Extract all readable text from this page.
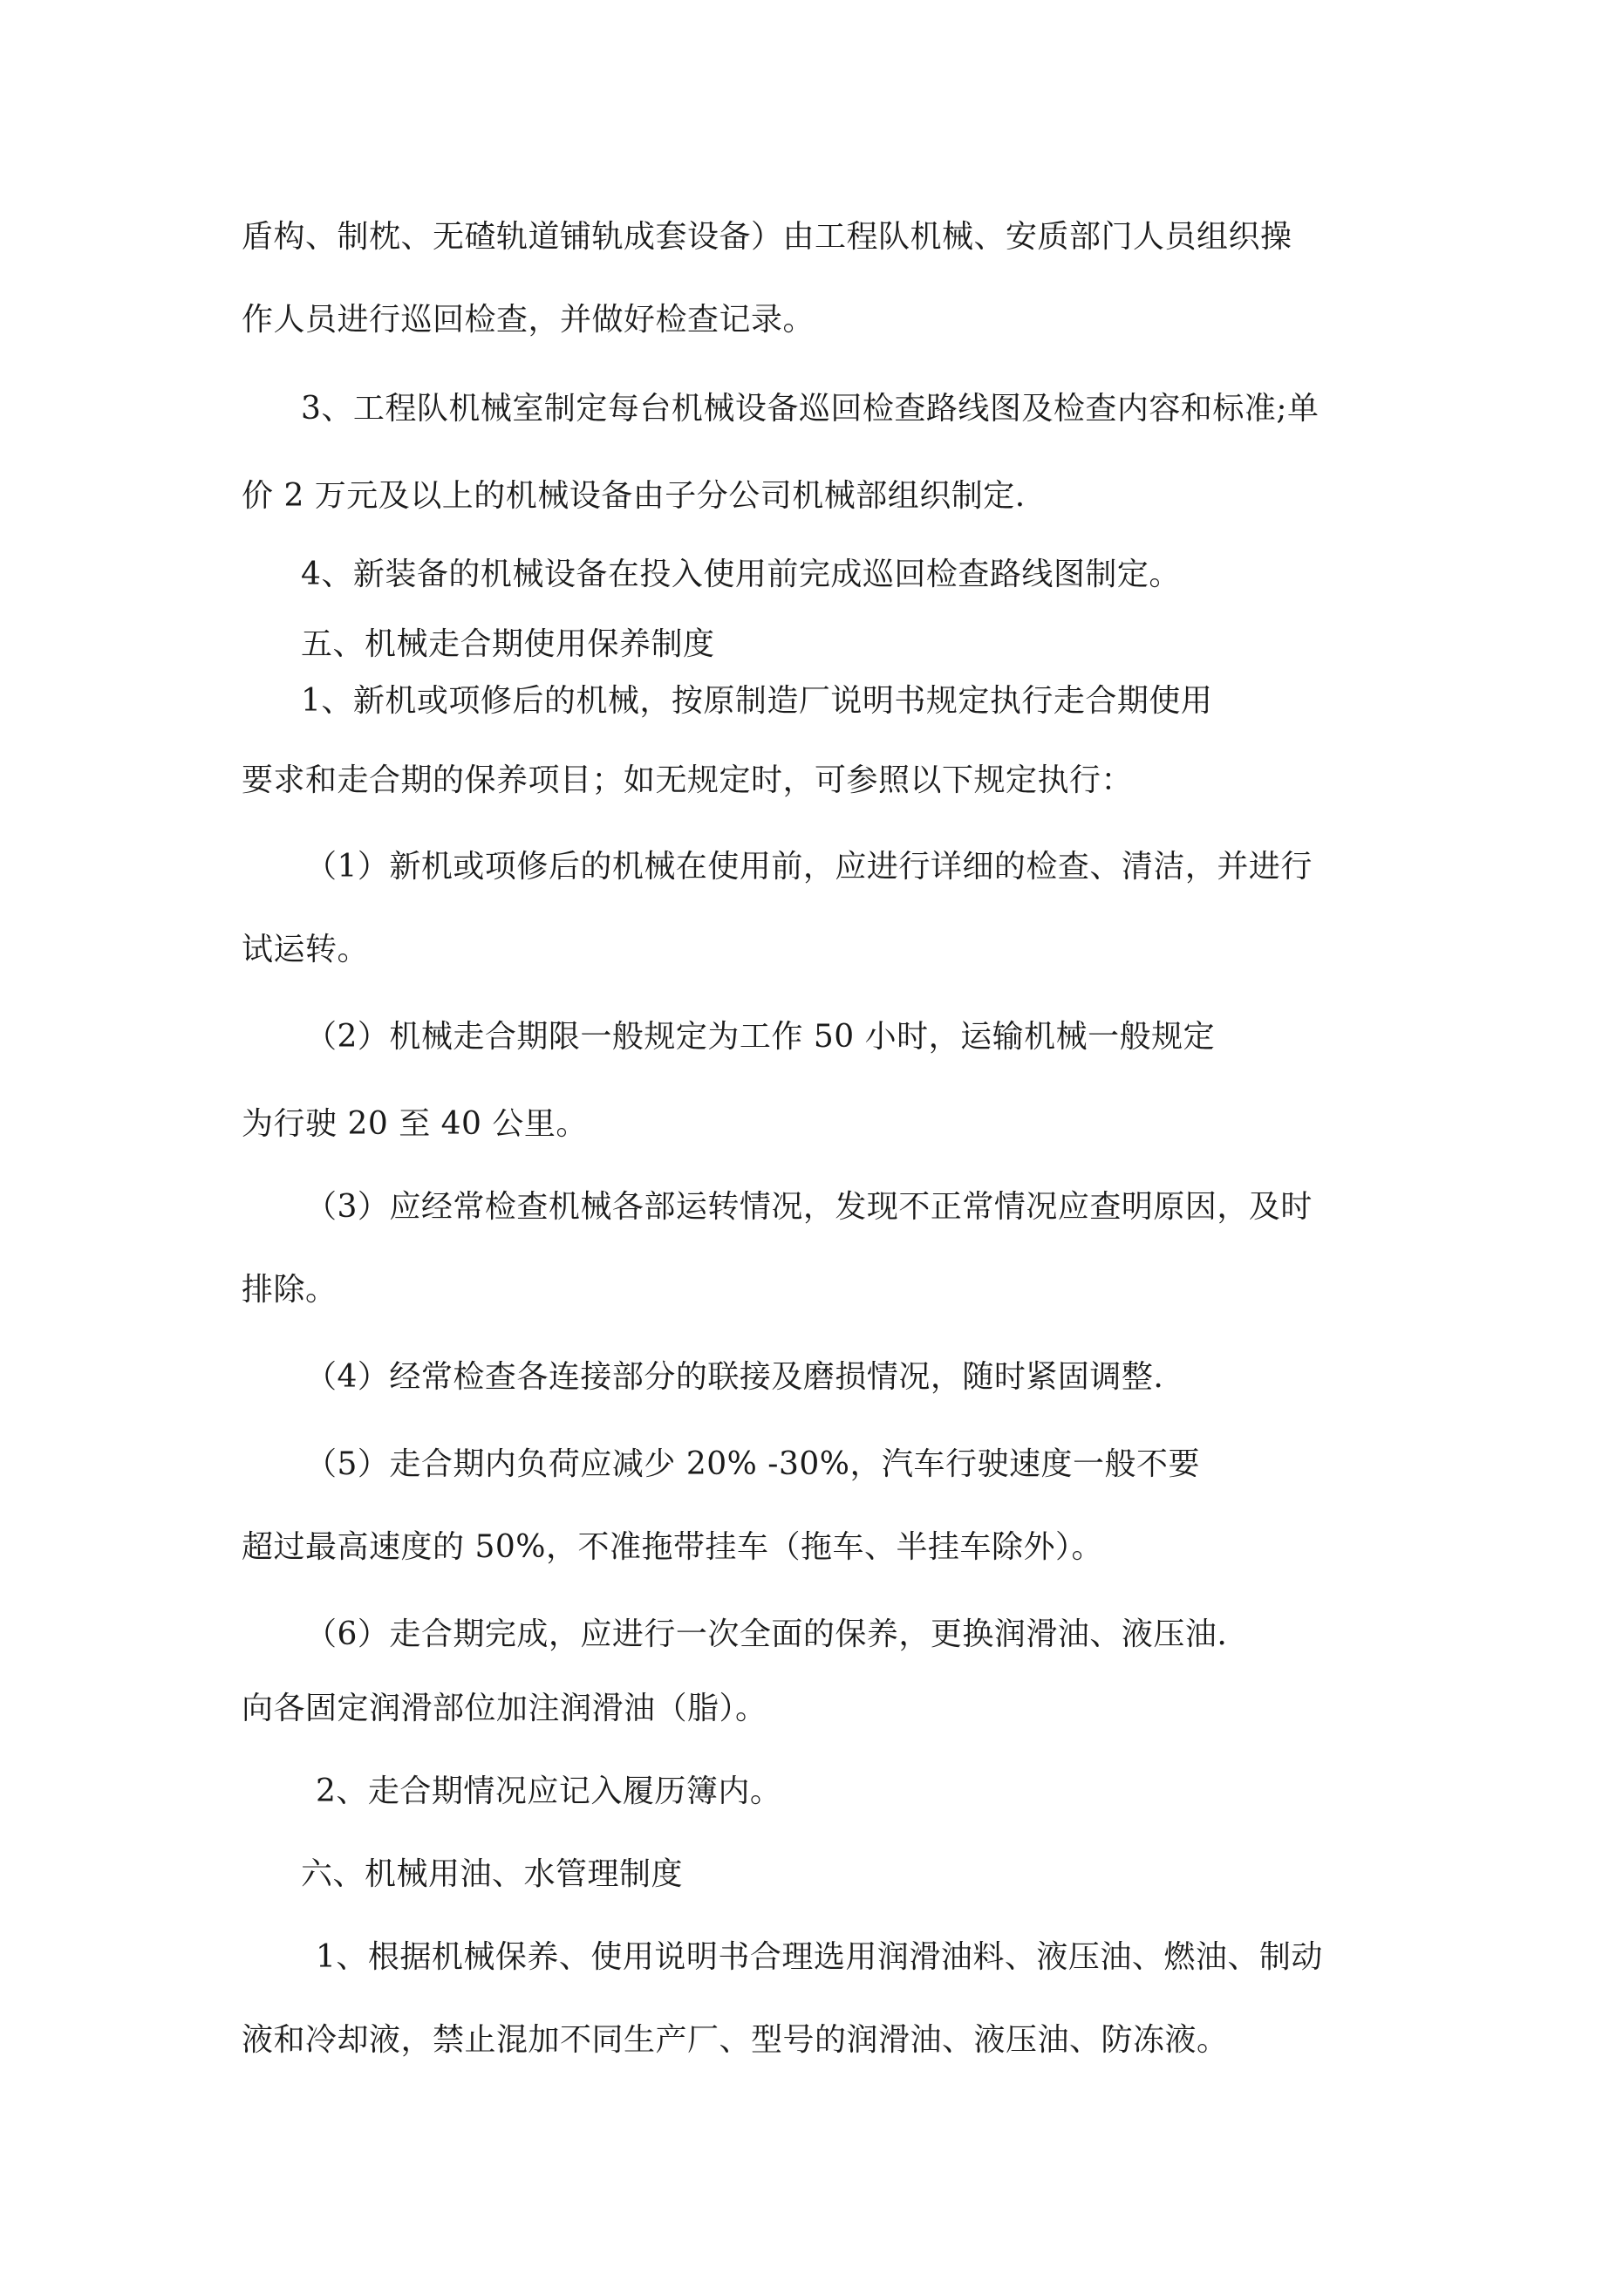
盾构、制枕、无碴轨道铺轨成套设备）由工程队机械、安质部门人员组织操
作人员进行巡回检查，并做好检查记录。
3、工程队机械室制定每台机械设备巡回检查路线图及检查内容和标准;单
价 2 万元及以上的机械设备由子分公司机械部组织制定.
4、新装备的机械设备在投入使用前完成巡回检查路线图制定。
五、机械走合期使用保养制度
1、新机或项修后的机械，按原制造厂说明书规定执行走合期使用
要求和走合期的保养项目；如无规定时，可参照以下规定执行：
（1）新机或项修后的机械在使用前，应进行详细的检查、清洁，并进行
试运转。
（2）机械走合期限一般规定为工作 50 小时，运输机械一般规定
为行驶 20 至 40 公里。
（3）应经常检查机械各部运转情况，发现不正常情况应查明原因，及时
排除。
（4）经常检查各连接部分的联接及磨损情况，随时紧固调整.
（5）走合期内负荷应减少 20% -30%，汽车行驶速度一般不要
超过最高速度的 50%，不准拖带挂车（拖车、半挂车除外）。
（6）走合期完成，应进行一次全面的保养，更换润滑油、液压油.
向各固定润滑部位加注润滑油（脂）。
2、走合期情况应记入履历簿内。
六、机械用油、水管理制度
1、根据机械保养、使用说明书合理选用润滑油料、液压油、燃油、制动
液和冷却液，禁止混加不同生产厂、型号的润滑油、液压油、防冻液。
